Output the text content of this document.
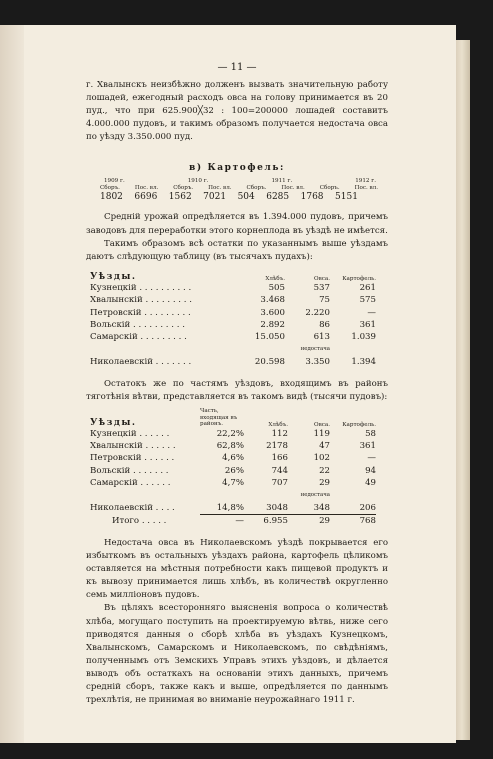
— 11 —

г. Хвалынскъ неизбѣжно долженъ вызвать значительную работу лошадей, ежегодный расходъ овса на голову принимается въ 20 пуд., что при 625.900╳32 : 100=200000 лошадей составитъ 4.000.000 пудовъ, и такимъ образомъ получается недостача овса по уѣзду 3.350.000 пуд.

в) Картофель:
1909 г.	1910 г.	1911 г.	1912 г.
Сборъ.	Пос. вл.	Сборъ.	Пос. вл.	Сборъ.	Пос. вл.	Сборъ.	Пос. вл.
1802 6696 1562 7021 504 6285 1768 5151

Средній урожай опредѣляется въ 1.394.000 пудовъ, причемъ заводовъ для переработки этого корнеплода въ уѣздѣ не имѣется.

Такимъ образомъ всѣ остатки по указаннымъ выше уѣздамъ даютъ слѣдующую таблицу (въ тысячахъ пудахъ):

Уѣзды.	Хлѣбъ.	Овса.	Картофель.
Кузнецкій . . . . . . . . . .	505	537	261
Хвалынскій . . . . . . . . .	3.468	75	575
Петровскій . . . . . . . . .	3.600	2.220	—
Вольскій . . . . . . . . . .	2.892	86	361
Самарскій . . . . . . . . .	15.050	613	1.039
		недостача	
Николаевскій . . . . . . .	20.598	3.350	1.394

Остатокъ же по частямъ уѣздовъ, входящимъ въ районъ тяготѣнія вѣтви, представляется въ такомъ видѣ (тысячи пудовъ):

Уѣзды.	Часть, входящая въ районъ.	Хлѣбъ.	Овса.	Картофель.
Кузнецкій . . . . . .	22,2%	112	119	58
Хвалынскій . . . . . .	62,8%	2178	47	361
Петровскій . . . . . .	4,6%	166	102	—
Вольскій . . . . . . .	26%	744	22	94
Самарскій . . . . . .	4,7%	707	29	49
			недостача	
Николаевскій . . . .	14,8%	3048	348	206
Итого . . . . .	—	6.955	29	768

Недостача овса въ Николаевскомъ уѣздѣ покрывается его избыткомъ въ остальныхъ уѣздахъ района, картофель цѣликомъ оставляется на мѣстныя потребности какъ пищевой продуктъ и къ вывозу принимается лишь хлѣбъ, въ количествѣ округленно семь милліоновъ пудовъ.

Въ цѣляхъ всесторонняго выясненія вопроса о количествѣ хлѣба, могущаго поступить на проектируемую вѣтвь, ниже сего приводятся данныя о сборѣ хлѣба въ уѣздахъ Кузнецкомъ, Хвалынскомъ, Самарскомъ и Николаевскомъ, по свѣдѣніямъ, полученнымъ отъ Земскихъ Управъ этихъ уѣздовъ, и дѣлается выводъ объ остаткахъ на основаніи этихъ данныхъ, причемъ средній сборъ, также какъ и выше, опредѣляется по даннымъ трехлѣтія, не принимая во вниманіе неурожайнаго 1911 г.
